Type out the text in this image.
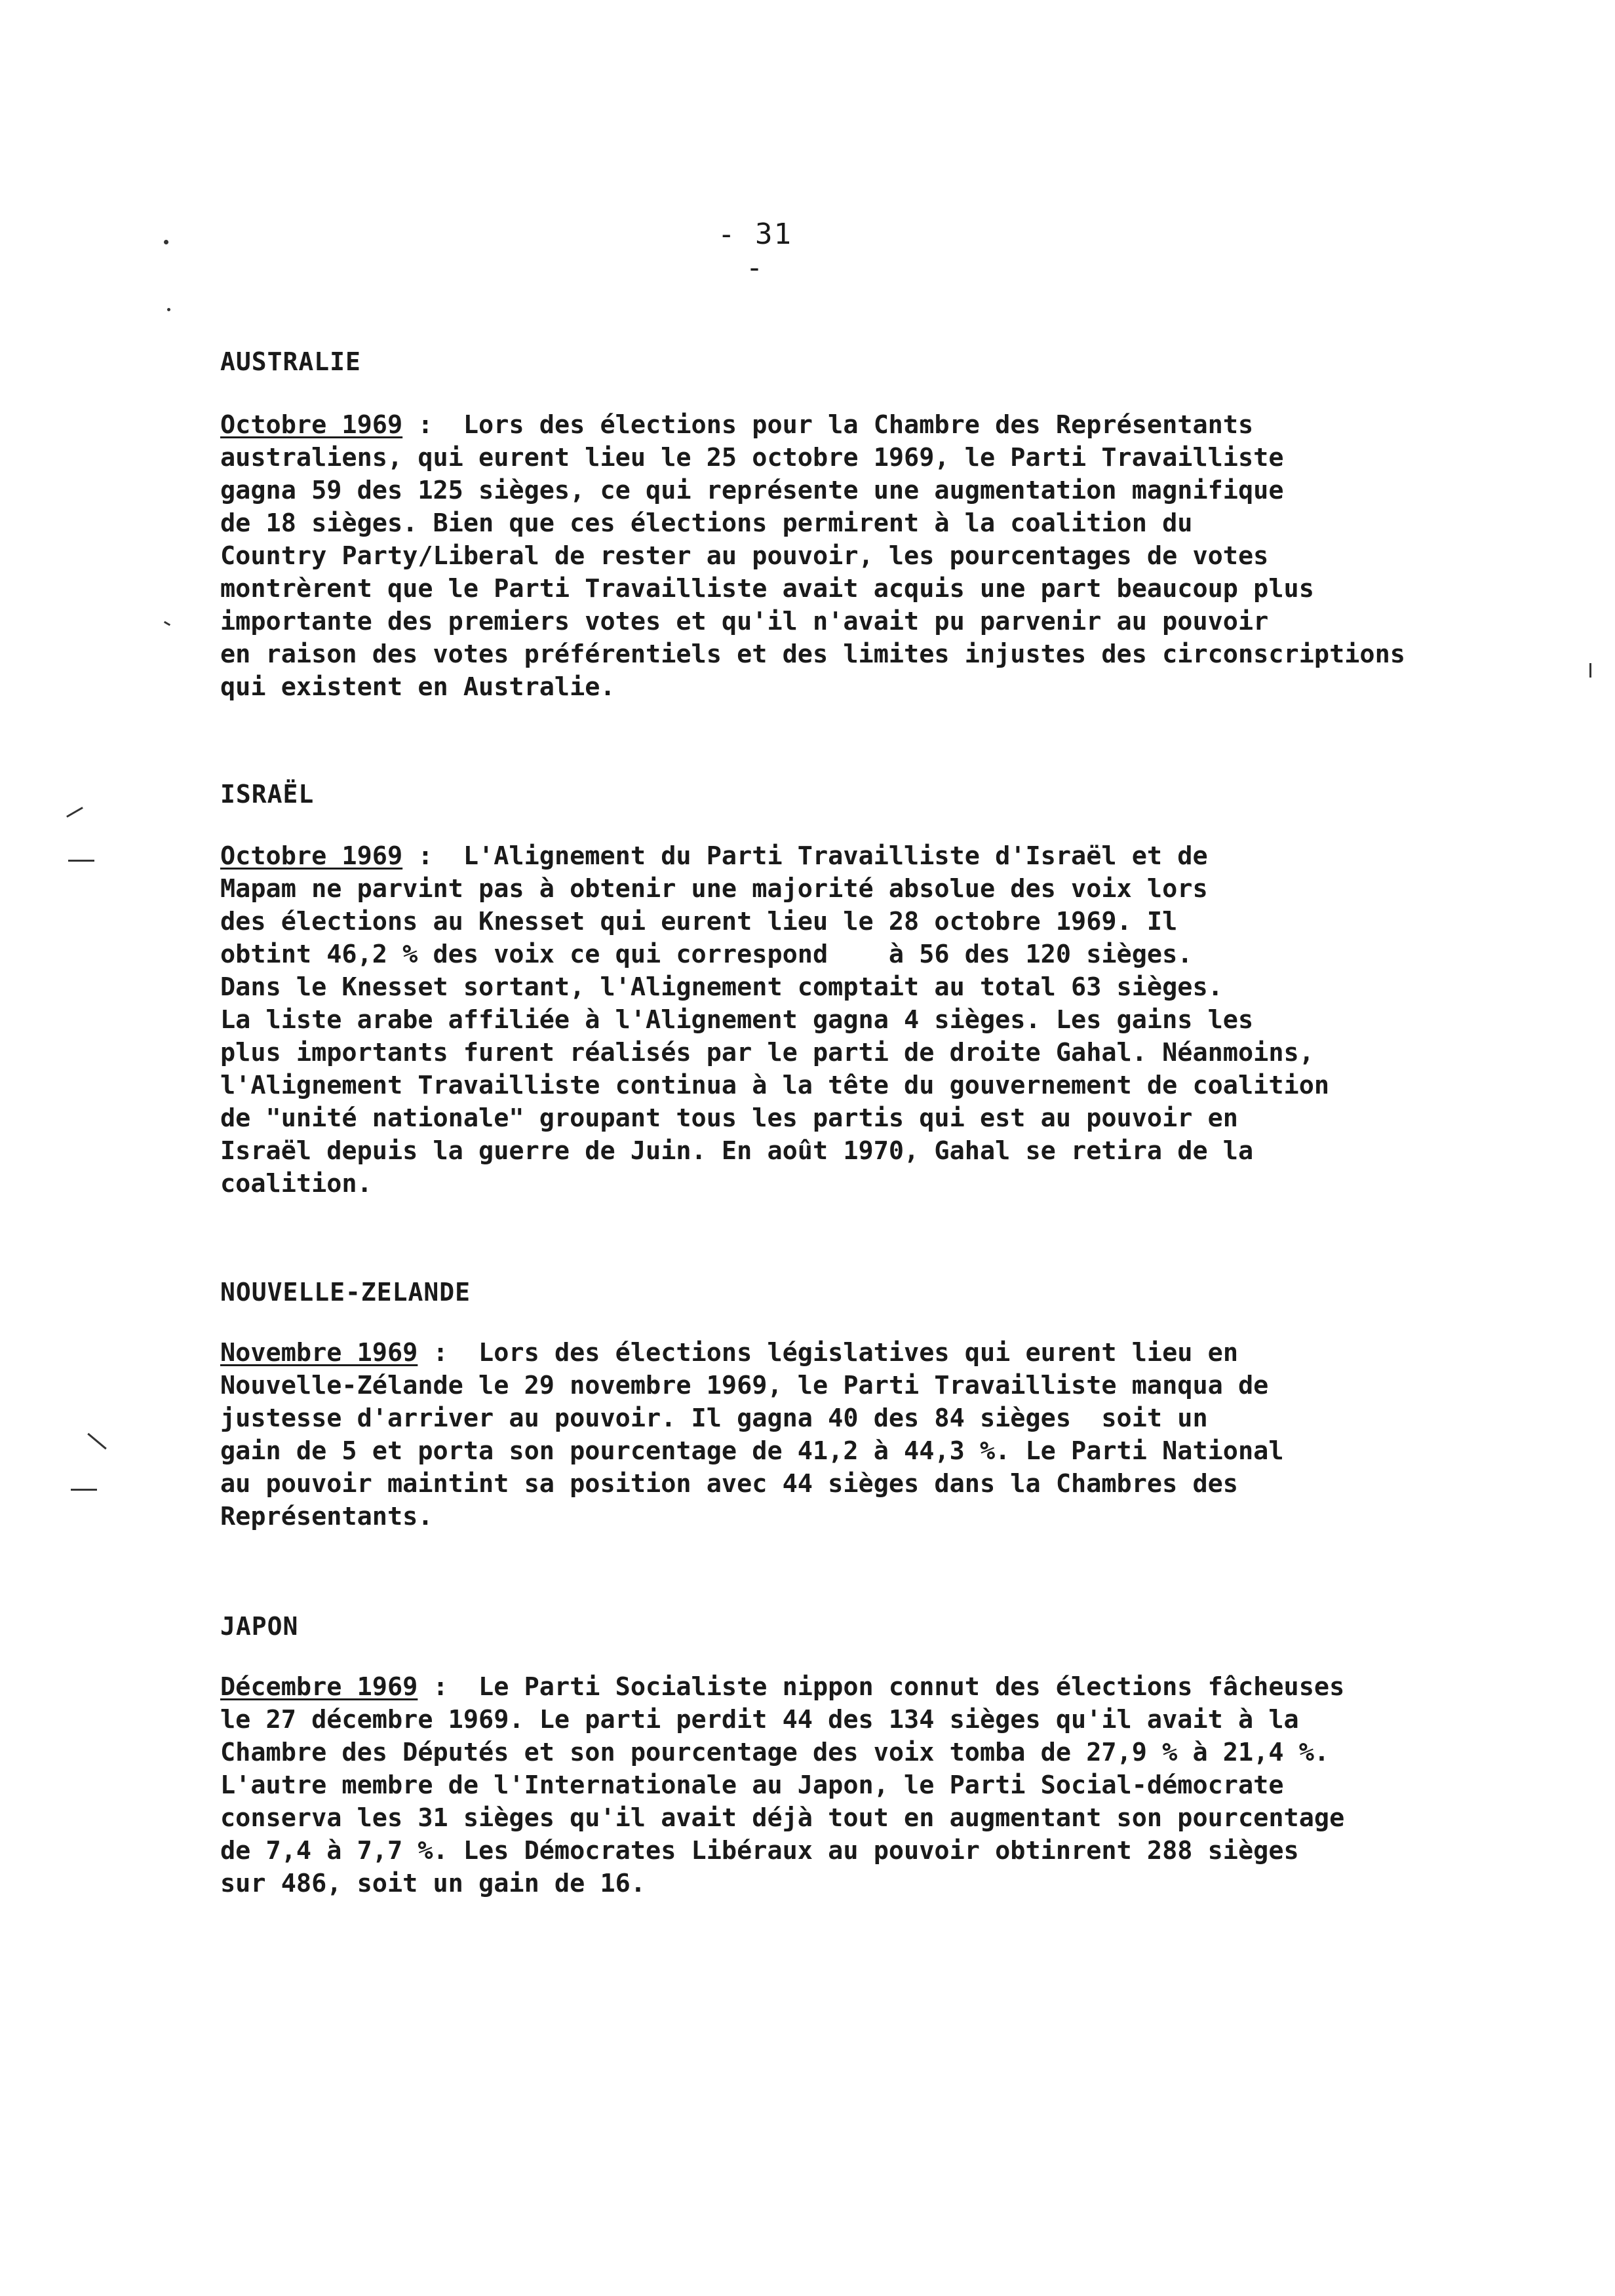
- 31 -
AUSTRALIE
Octobre 1969 :  Lors des élections pour la Chambre des Représentants
australiens, qui eurent lieu le 25 octobre 1969, le Parti Travailliste
gagna 59 des 125 sièges, ce qui représente une augmentation magnifique
de 18 sièges. Bien que ces élections permirent à la coalition du
Country Party/Liberal de rester au pouvoir, les pourcentages de votes
montrèrent que le Parti Travailliste avait acquis une part beaucoup plus
importante des premiers votes et qu'il n'avait pu parvenir au pouvoir
en raison des votes préférentiels et des limites injustes des circonscriptions
qui existent en Australie.
ISRAËL
Octobre 1969 :  L'Alignement du Parti Travailliste d'Israël et de
Mapam ne parvint pas à obtenir une majorité absolue des voix lors
des élections au Knesset qui eurent lieu le 28 octobre 1969. Il
obtint 46,2 % des voix ce qui correspond    à 56 des 120 sièges.
Dans le Knesset sortant, l'Alignement comptait au total 63 sièges.
La liste arabe affiliée à l'Alignement gagna 4 sièges. Les gains les
plus importants furent réalisés par le parti de droite Gahal. Néanmoins,
l'Alignement Travailliste continua à la tête du gouvernement de coalition
de "unité nationale" groupant tous les partis qui est au pouvoir en
Israël depuis la guerre de Juin. En août 1970, Gahal se retira de la
coalition.
NOUVELLE-ZELANDE
Novembre 1969 :  Lors des élections législatives qui eurent lieu en
Nouvelle-Zélande le 29 novembre 1969, le Parti Travailliste manqua de
justesse d'arriver au pouvoir. Il gagna 40 des 84 sièges  soit un
gain de 5 et porta son pourcentage de 41,2 à 44,3 %. Le Parti National
au pouvoir maintint sa position avec 44 sièges dans la Chambres des
Représentants.
JAPON
Décembre 1969 :  Le Parti Socialiste nippon connut des élections fâcheuses
le 27 décembre 1969. Le parti perdit 44 des 134 sièges qu'il avait à la
Chambre des Députés et son pourcentage des voix tomba de 27,9 % à 21,4 %.
L'autre membre de l'Internationale au Japon, le Parti Social-démocrate
conserva les 31 sièges qu'il avait déjà tout en augmentant son pourcentage
de 7,4 à 7,7 %. Les Démocrates Libéraux au pouvoir obtinrent 288 sièges
sur 486, soit un gain de 16.
